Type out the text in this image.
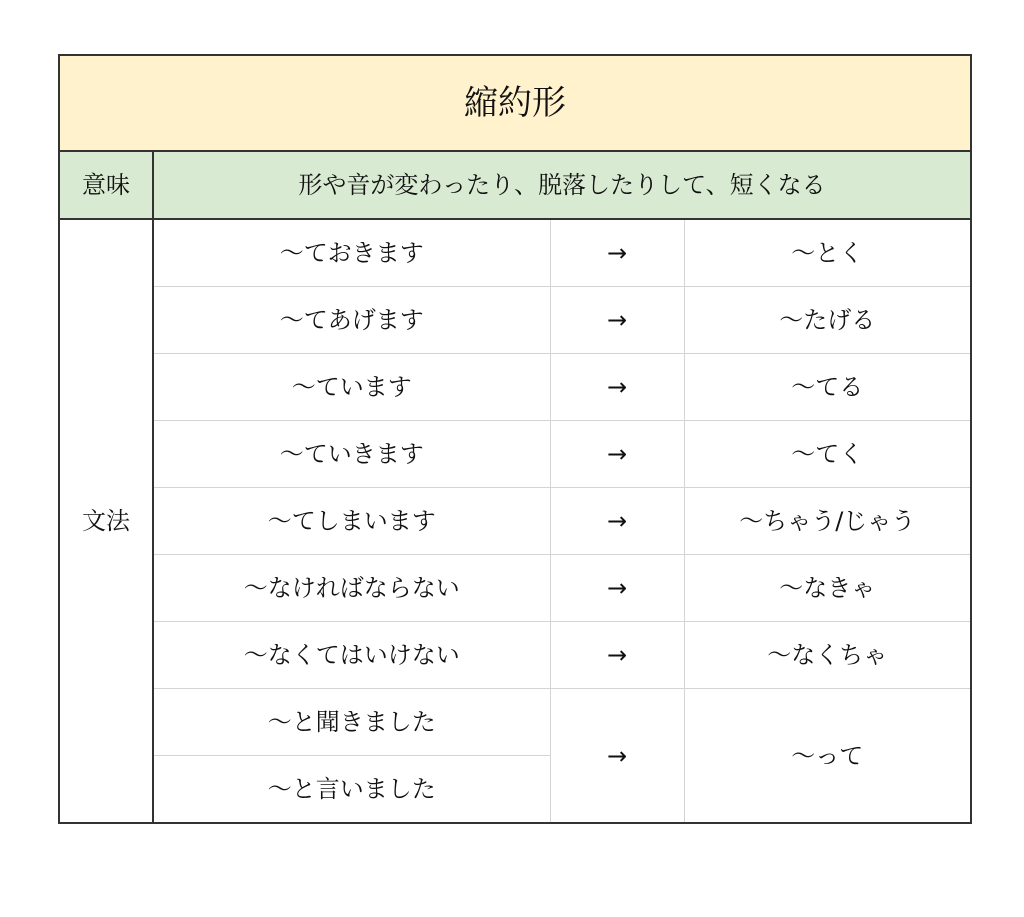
縮約形			
意味	形や音が変わったり、脱落したりして、短くなる		
文法	～ておきます	→	～とく
	～てあげます	→	～たげる
	～ています	→	～てる
	～ていきます	→	～てく
	～てしまいます	→	～ちゃう/じゃう
	～なければならない	→	～なきゃ
	～なくてはいけない	→	～なくちゃ
	～と聞きました	→	～って
	～と言いました		
